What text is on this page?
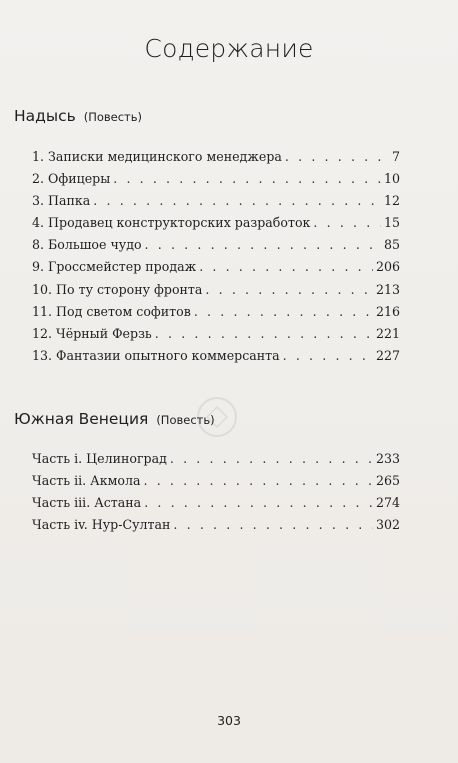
Содержание
Надысь (Повесть)
1. Записки медицинского менеджера . . .	7
2. Офицеры . . .	10
3. Папка . . .	12
4. Продавец конструкторских разработок . . .	15
8. Большое чудо . . .	85
9. Гроссмейстер продаж . . .	206
10. По ту сторону фронта . . .	213
11. Под светом софитов . . .	216
12. Чёрный Ферзь . . .	221
13. Фантазии опытного коммерсанта . . .	227
Южная Венеция (Повесть)
Часть i. Целиноград . . .	233
Часть ii. Акмола . . .	265
Часть iii. Астана . . .	274
Часть iv. Нур-Султан . . .	302
303
